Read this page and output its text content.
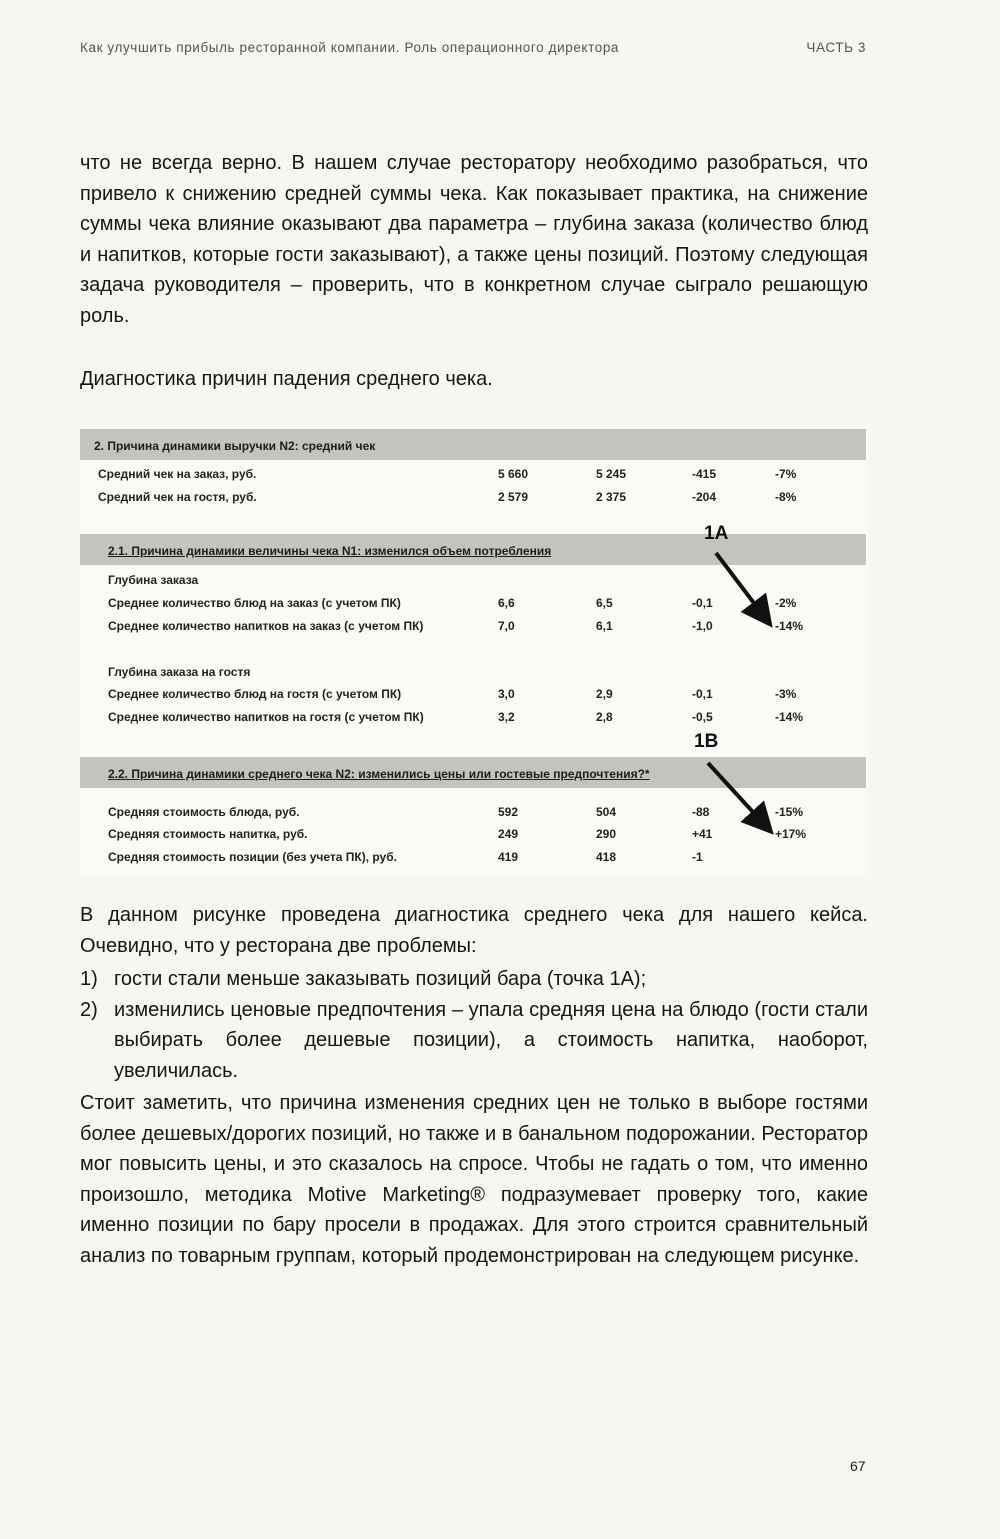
Как улучшить прибыль ресторанной компании. Роль операционного директора	ЧАСТЬ 3

что не всегда верно. В нашем случае ресторатору необходимо разобраться, что привело к снижению средней суммы чека. Как показывает практика, на снижение суммы чека влияние оказывают два параметра – глубина заказа (количество блюд и напитков, которые гости заказывают), а также цены позиций. Поэтому следующая задача руководителя – проверить, что в конкретном случае сыграло решающую роль.

Диагностика причин падения среднего чека.

2. Причина динамики выручки N2: средний чек
Средний чек на заказ, руб.	5 660	5 245	-415	-7%
Средний чек на гостя, руб.	2 579	2 375	-204	-8%
2.1. Причина динамики величины чека N1: изменился объем потребления
1A
Глубина заказа
Среднее количество блюд на заказ (с учетом ПК)	6,6	6,5	-0,1	-2%
Среднее количество напитков на заказ (с учетом ПК)	7,0	6,1	-1,0	-14%
Глубина заказа на гостя
Среднее количество блюд на гостя (с учетом ПК)	3,0	2,9	-0,1	-3%
Среднее количество напитков на гостя (с учетом ПК)	3,2	2,8	-0,5	-14%
1B
2.2. Причина динамики среднего чека N2: изменились цены или гостевые предпочтения?*
Средняя стоимость блюда, руб.	592	504	-88	-15%
Средняя стоимость напитка, руб.	249	290	+41	+17%
Средняя стоимость позиции (без учета ПК), руб.	419	418	-1

В данном рисунке проведена диагностика среднего чека для нашего кейса. Очевидно, что у ресторана две проблемы:

1) гости стали меньше заказывать позиций бара (точка 1А);
2) изменились ценовые предпочтения – упала средняя цена на блюдо (гости стали выбирать более дешевые позиции), а стоимость напитка, наоборот, увеличилась.

Стоит заметить, что причина изменения средних цен не только в выборе гостями более дешевых/дорогих позиций, но также и в банальном подорожании. Ресторатор мог повысить цены, и это сказалось на спросе. Чтобы не гадать о том, что именно произошло, методика Motive Marketing® подразумевает проверку того, какие именно позиции по бару просели в продажах. Для этого строится сравнительный анализ по товарным группам, который продемонстрирован на следующем рисунке.

67
